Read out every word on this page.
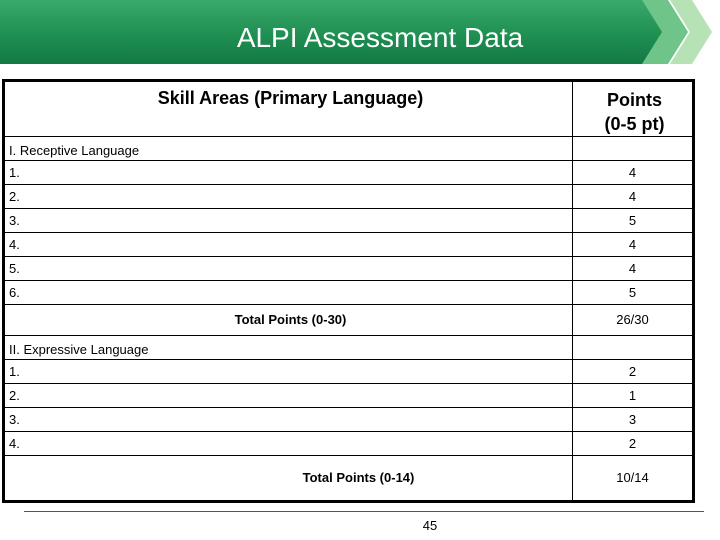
ALPI Assessment Data
Skill Areas (Primary Language)	Points
(0-5 pt)
I. Receptive Language	
1.	4
2.	4
3.	5
4.	4
5.	4
6.	5
Total Points (0-30)	26/30
II. Expressive Language	
1.	2
2.	1
3.	3
4.	2
Total Points (0-14)	10/14
45
